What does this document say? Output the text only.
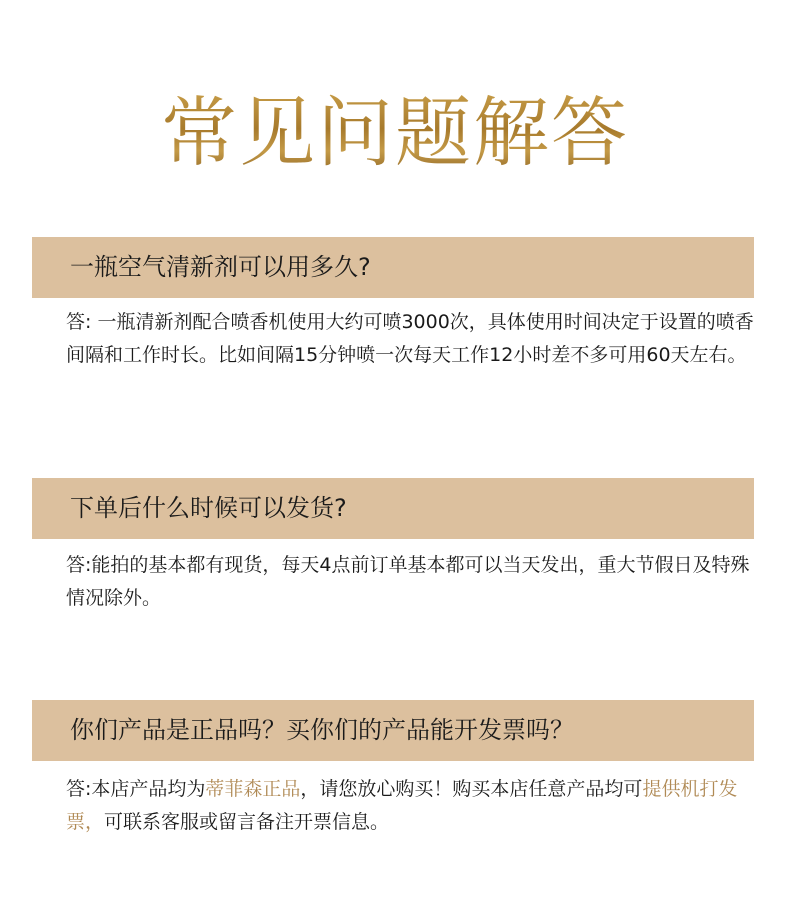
常见问题解答
一瓶空气清新剂可以用多久?
答: 一瓶清新剂配合喷香机使用大约可喷3000次，具体使用时间决定于设置的喷香间隔和工作时长。比如间隔15分钟喷一次每天工作12小时差不多可用60天左右。
下单后什么时候可以发货?
答:能拍的基本都有现货，每天4点前订单基本都可以当天发出，重大节假日及特殊情况除外。
你们产品是正品吗？买你们的产品能开发票吗？
答:本店产品均为蒂菲森正品，请您放心购买！购买本店任意产品均可提供机打发票，可联系客服或留言备注开票信息。
